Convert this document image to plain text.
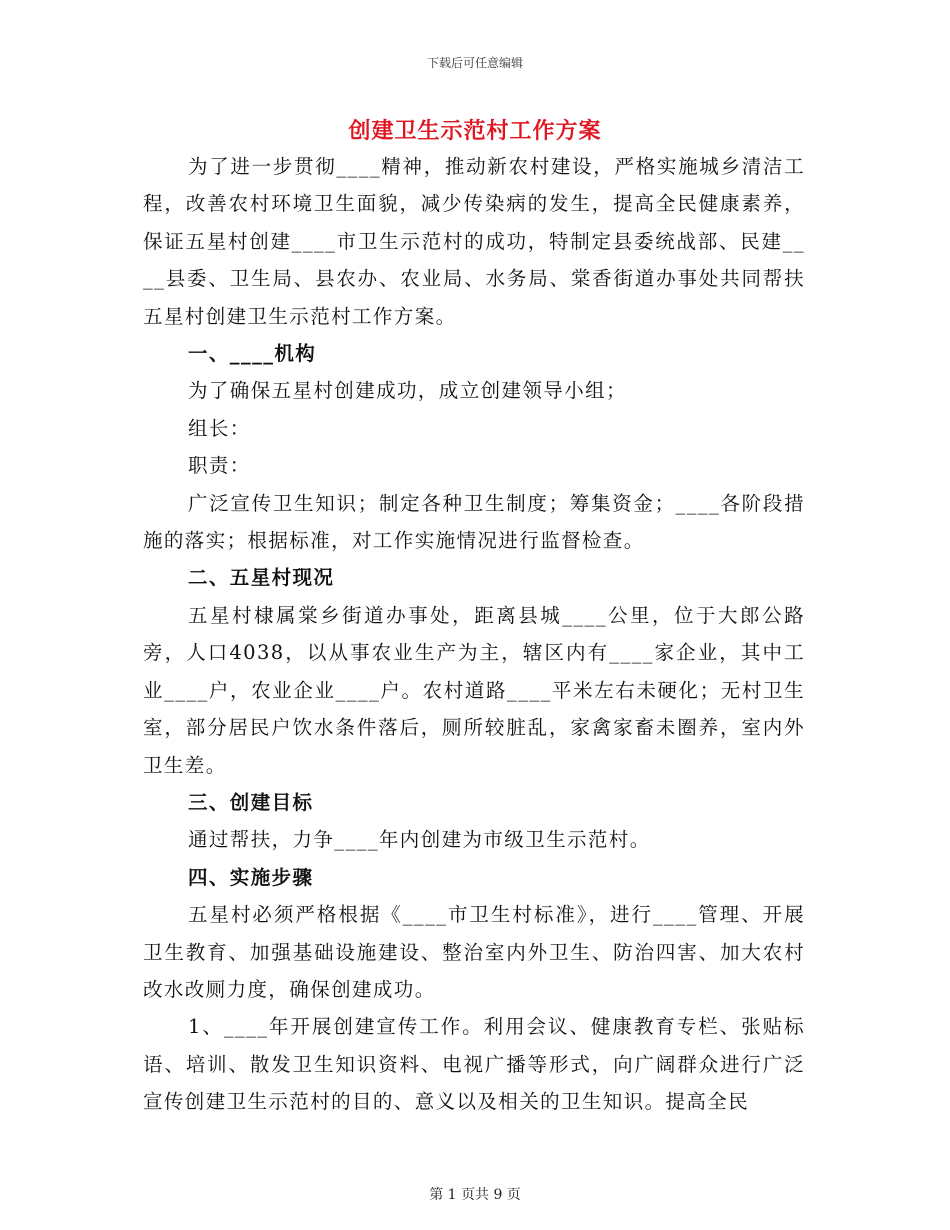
下载后可任意编辑
创建卫生示范村工作方案

为了进一步贯彻____精神，推动新农村建设，严格实施城乡清洁工程，改善农村环境卫生面貌，减少传染病的发生，提高全民健康素养，保证五星村创建____市卫生示范村的成功，特制定县委统战部、民建____县委、卫生局、县农办、农业局、水务局、棠香街道办事处共同帮扶五星村创建卫生示范村工作方案。

一、____机构

为了确保五星村创建成功，成立创建领导小组；

组长：

职责：

广泛宣传卫生知识；制定各种卫生制度；筹集资金；____各阶段措施的落实；根据标准，对工作实施情况进行监督检查。

二、五星村现况

五星村棣属棠乡街道办事处，距离县城____公里，位于大郎公路旁，人口4038，以从事农业生产为主，辖区内有____家企业，其中工业____户，农业企业____户。农村道路____平米左右未硬化；无村卫生室，部分居民户饮水条件落后，厕所较脏乱，家禽家畜未圈养，室内外卫生差。

三、创建目标

通过帮扶，力争____年内创建为市级卫生示范村。

四、实施步骤

五星村必须严格根据《____市卫生村标准》，进行____管理、开展卫生教育、加强基础设施建设、整治室内外卫生、防治四害、加大农村改水改厕力度，确保创建成功。

1、____年开展创建宣传工作。利用会议、健康教育专栏、张贴标语、培训、散发卫生知识资料、电视广播等形式，向广阔群众进行广泛宣传创建卫生示范村的目的、意义以及相关的卫生知识。提高全民

第 1 页共 9 页
